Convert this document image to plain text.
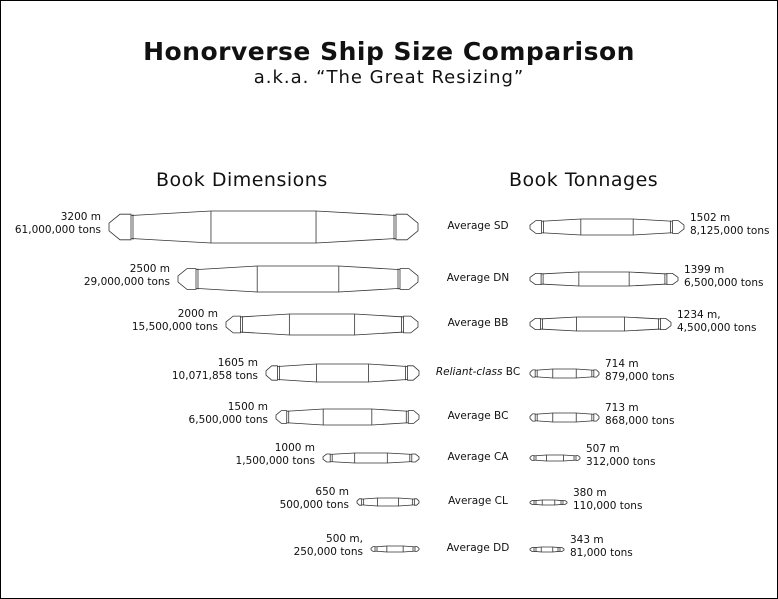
Honorverse Ship Size Comparison
a.k.a. “The Great Resizing”
Book Dimensions	Book Tonnages
3200 m
61,000,000 tons
1502 m
8,125,000 tons
Average SD
2500 m
29,000,000 tons
1399 m
6,500,000 tons
Average DN
2000 m
15,500,000 tons
1234 m,
4,500,000 tons
Average BB
1605 m
10,071,858 tons
714 m
879,000 tons
Reliant-class BC
1500 m
6,500,000 tons
713 m
868,000 tons
Average BC
1000 m
1,500,000 tons
507 m
312,000 tons
Average CA
650 m
500,000 tons
380 m
110,000 tons
Average CL
500 m,
250,000 tons
343 m
81,000 tons
Average DD
